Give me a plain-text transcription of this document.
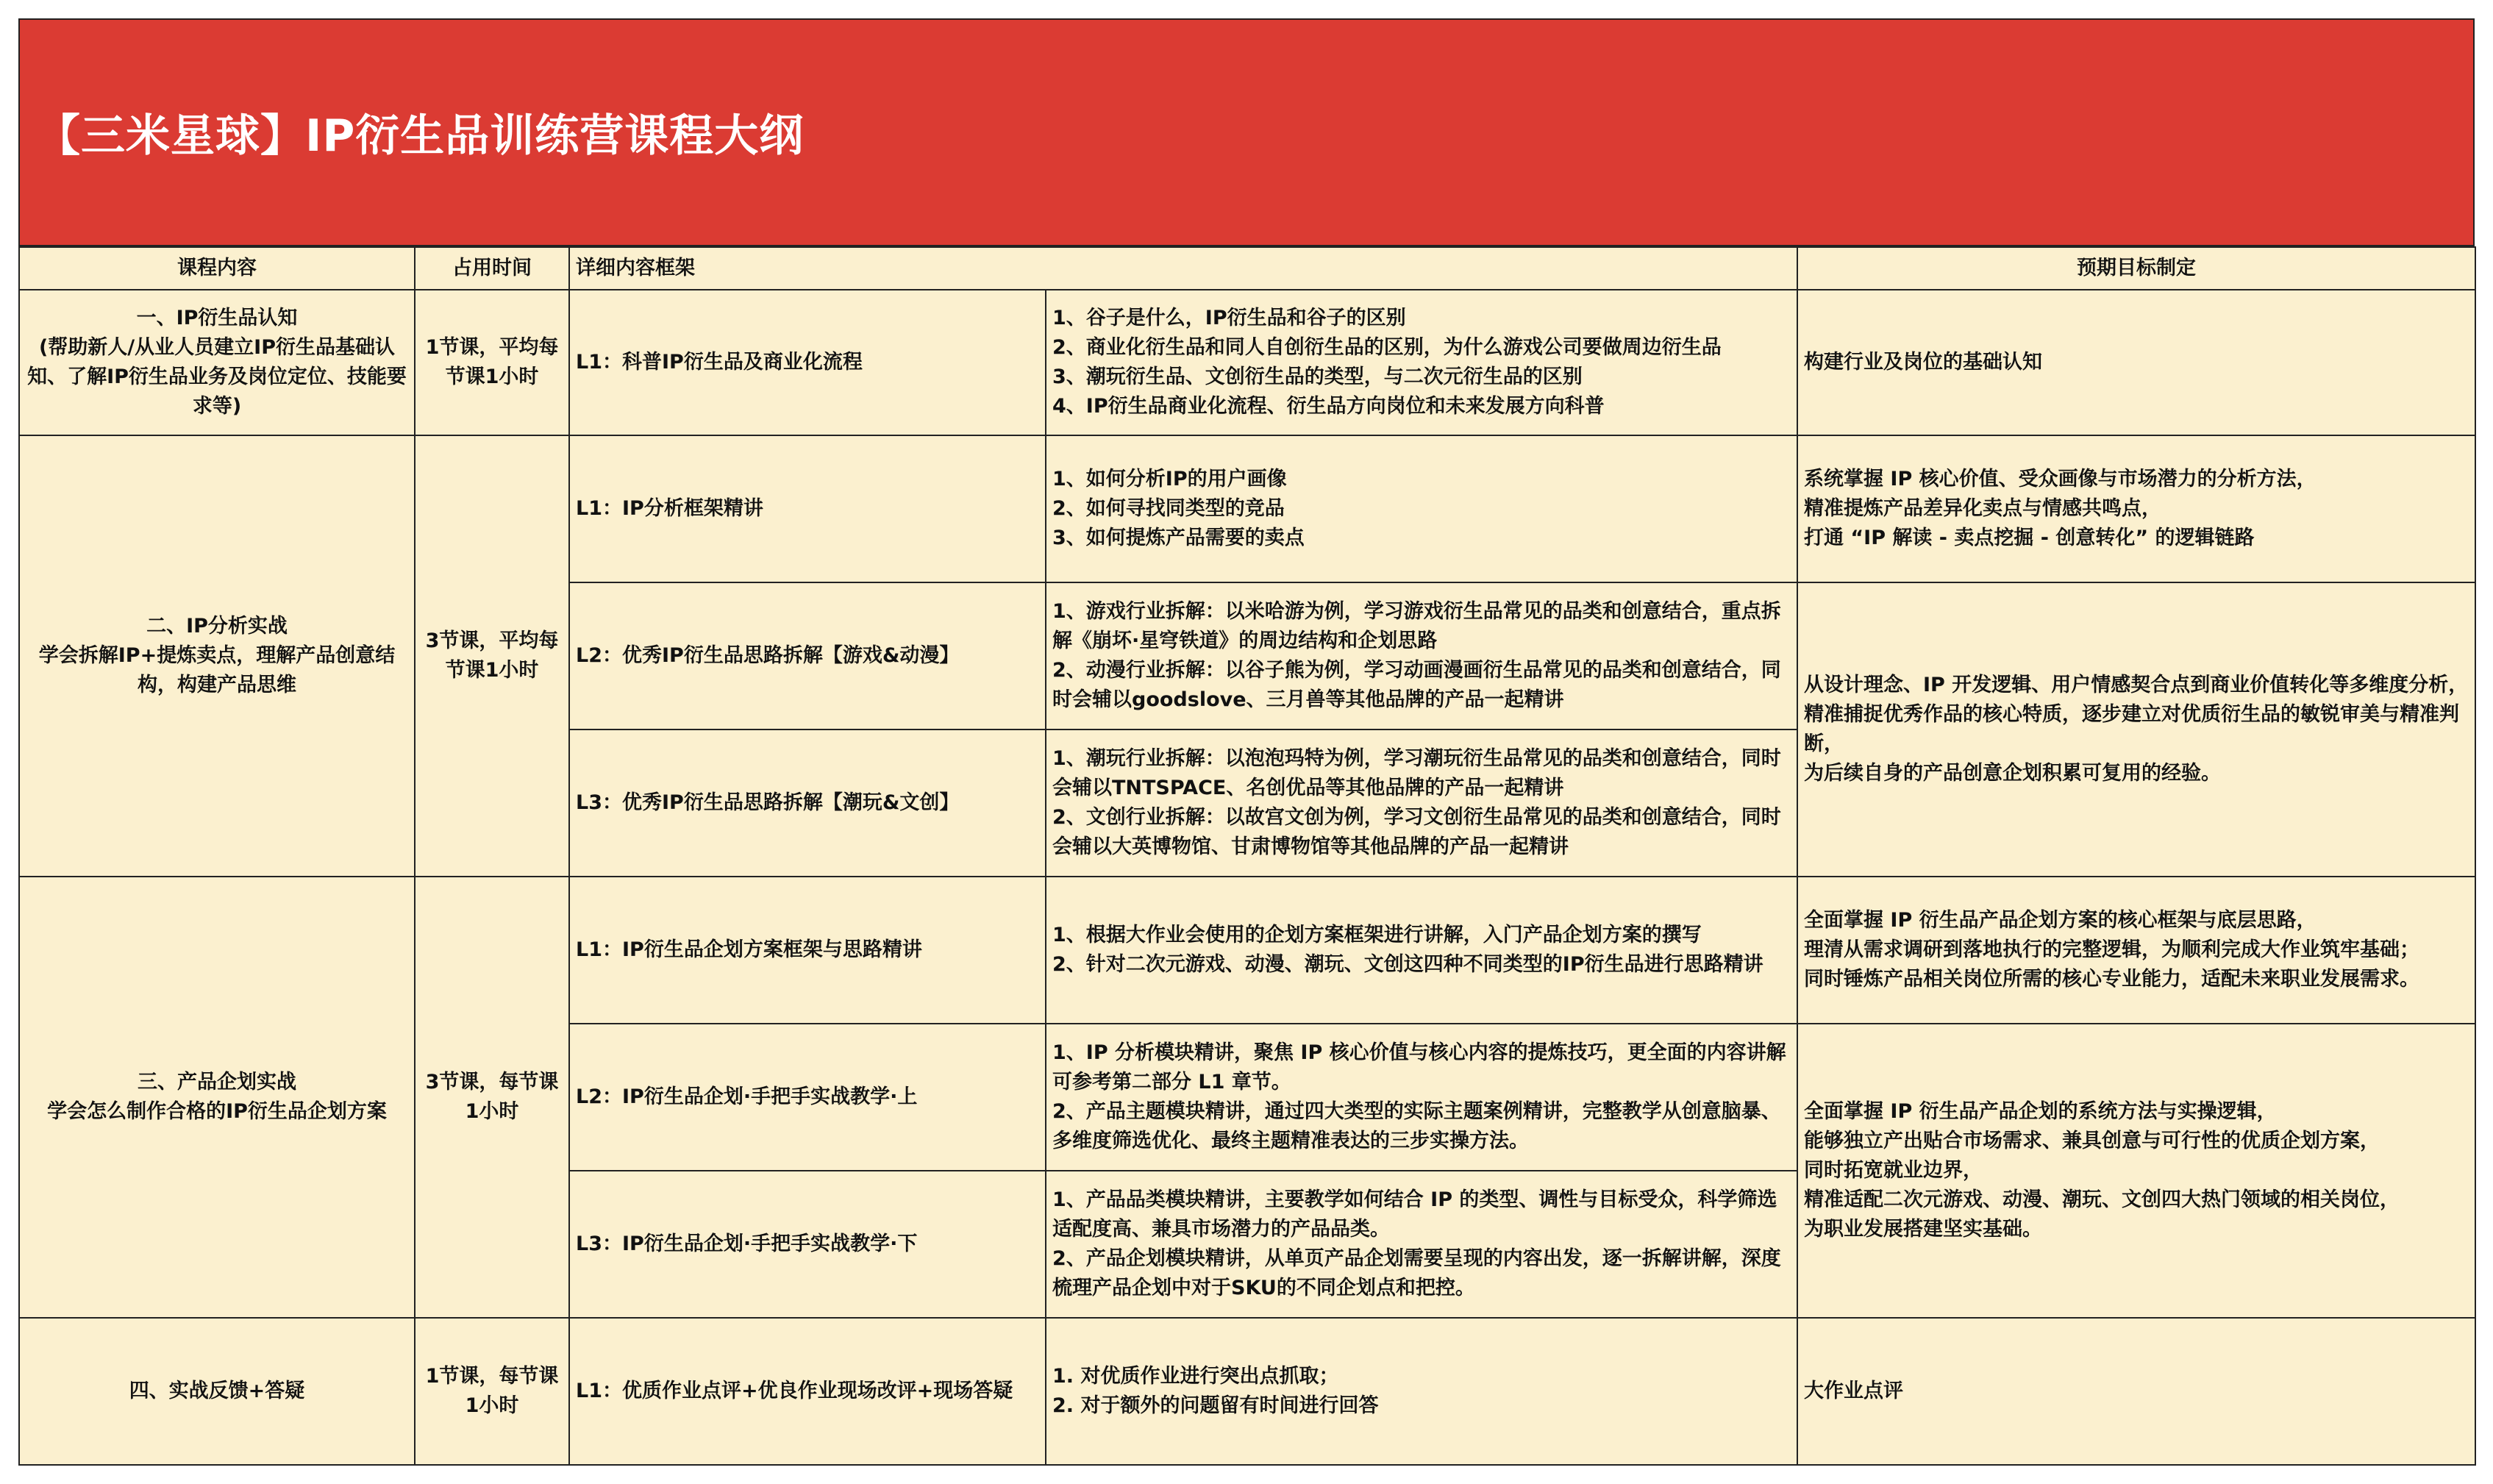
【三米星球】IP衍生品训练营课程大纲
课程内容	占用时间	详细内容框架		预期目标制定

一、IP衍生品认知
(帮助新人/从业人员建立IP衍生品基础认知、了解IP衍生品业务及岗位定位、技能要求等)	1节课，平均每节课1小时	L1：科普IP衍生品及商业化流程	1、谷子是什么，IP衍生品和谷子的区别
2、商业化衍生品和同人自创衍生品的区别，为什么游戏公司要做周边衍生品
3、潮玩衍生品、文创衍生品的类型，与二次元衍生品的区别
4、IP衍生品商业化流程、衍生品方向岗位和未来发展方向科普	构建行业及岗位的基础认知

二、IP分析实战
学会拆解IP+提炼卖点，理解产品创意结构，构建产品思维	3节课，平均每节课1小时	L1：IP分析框架精讲	1、如何分析IP的用户画像
2、如何寻找同类型的竞品
3、如何提炼产品需要的卖点	系统掌握 IP 核心价值、受众画像与市场潜力的分析方法，
精准提炼产品差异化卖点与情感共鸣点，
打通 “IP 解读 - 卖点挖掘 - 创意转化” 的逻辑链路

		L2：优秀IP衍生品思路拆解【游戏&动漫】	1、游戏行业拆解：以米哈游为例，学习游戏衍生品常见的品类和创意结合，重点拆解《崩坏·星穹铁道》的周边结构和企划思路
2、动漫行业拆解：以谷子熊为例，学习动画漫画衍生品常见的品类和创意结合，同时会辅以goodslove、三月兽等其他品牌的产品一起精讲	从设计理念、IP 开发逻辑、用户情感契合点到商业价值转化等多维度分析，
精准捕捉优秀作品的核心特质，逐步建立对优质衍生品的敏锐审美与精准判断，
为后续自身的产品创意企划积累可复用的经验。

		L3：优秀IP衍生品思路拆解【潮玩&文创】	1、潮玩行业拆解：以泡泡玛特为例，学习潮玩衍生品常见的品类和创意结合，同时会辅以TNTSPACE、名创优品等其他品牌的产品一起精讲
2、文创行业拆解：以故宫文创为例，学习文创衍生品常见的品类和创意结合，同时会辅以大英博物馆、甘肃博物馆等其他品牌的产品一起精讲	

三、产品企划实战
学会怎么制作合格的IP衍生品企划方案	3节课，每节课1小时	L1：IP衍生品企划方案框架与思路精讲	1、根据大作业会使用的企划方案框架进行讲解，入门产品企划方案的撰写
2、针对二次元游戏、动漫、潮玩、文创这四种不同类型的IP衍生品进行思路精讲	全面掌握 IP 衍生品产品企划方案的核心框架与底层思路，
理清从需求调研到落地执行的完整逻辑，为顺利完成大作业筑牢基础；
同时锤炼产品相关岗位所需的核心专业能力，适配未来职业发展需求。

		L2：IP衍生品企划·手把手实战教学·上	1、IP 分析模块精讲，聚焦 IP 核心价值与核心内容的提炼技巧，更全面的内容讲解可参考第二部分 L1 章节。
2、产品主题模块精讲，通过四大类型的实际主题案例精讲，完整教学从创意脑暴、多维度筛选优化、最终主题精准表达的三步实操方法。	全面掌握 IP 衍生品产品企划的系统方法与实操逻辑，
能够独立产出贴合市场需求、兼具创意与可行性的优质企划方案，
同时拓宽就业边界，
精准适配二次元游戏、动漫、潮玩、文创四大热门领域的相关岗位，
为职业发展搭建坚实基础。

		L3：IP衍生品企划·手把手实战教学·下	1、产品品类模块精讲，主要教学如何结合 IP 的类型、调性与目标受众，科学筛选适配度高、兼具市场潜力的产品品类。
2、产品企划模块精讲，从单页产品企划需要呈现的内容出发，逐一拆解讲解，深度梳理产品企划中对于SKU的不同企划点和把控。	

四、实战反馈+答疑	1节课，每节课1小时	L1：优质作业点评+优良作业现场改评+现场答疑	1. 对优质作业进行突出点抓取；
2. 对于额外的问题留有时间进行回答	大作业点评
